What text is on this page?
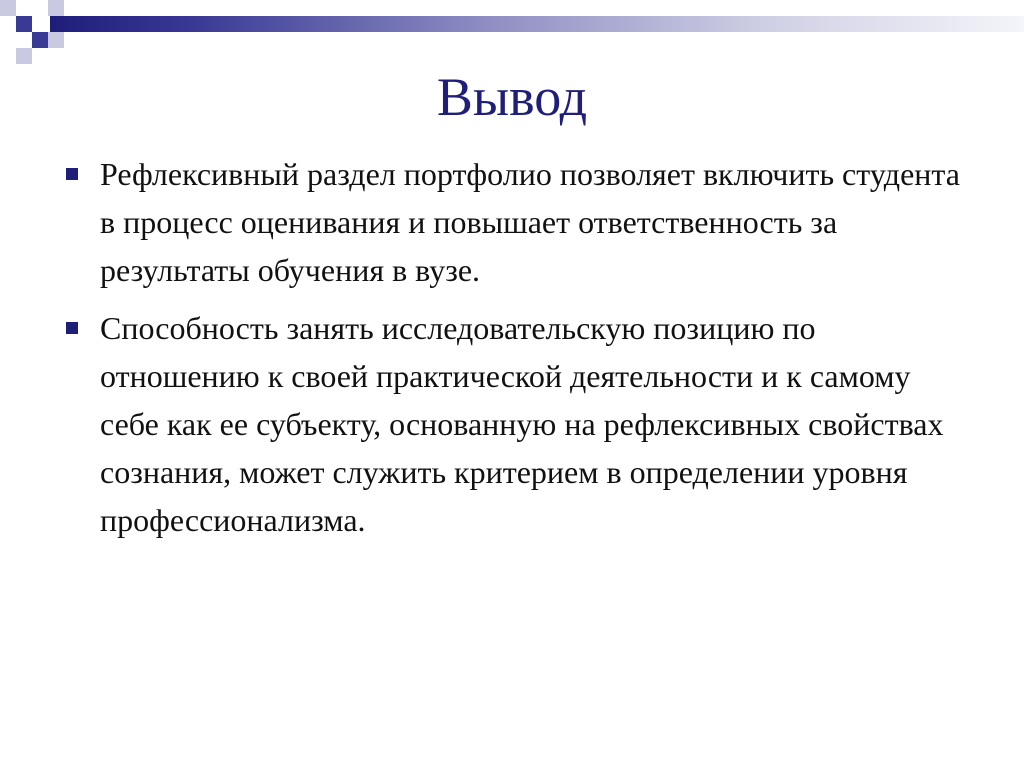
Вывод
Рефлексивный раздел портфолио позволяет включить студента в процесс оценивания и повышает ответственность за результаты обучения в вузе.
Способность занять исследовательскую позицию по отношению к своей практической деятельности и к самому себе как ее субъекту, основанную на рефлексивных свойствах сознания, может служить критерием в определении уровня профессионализма.
